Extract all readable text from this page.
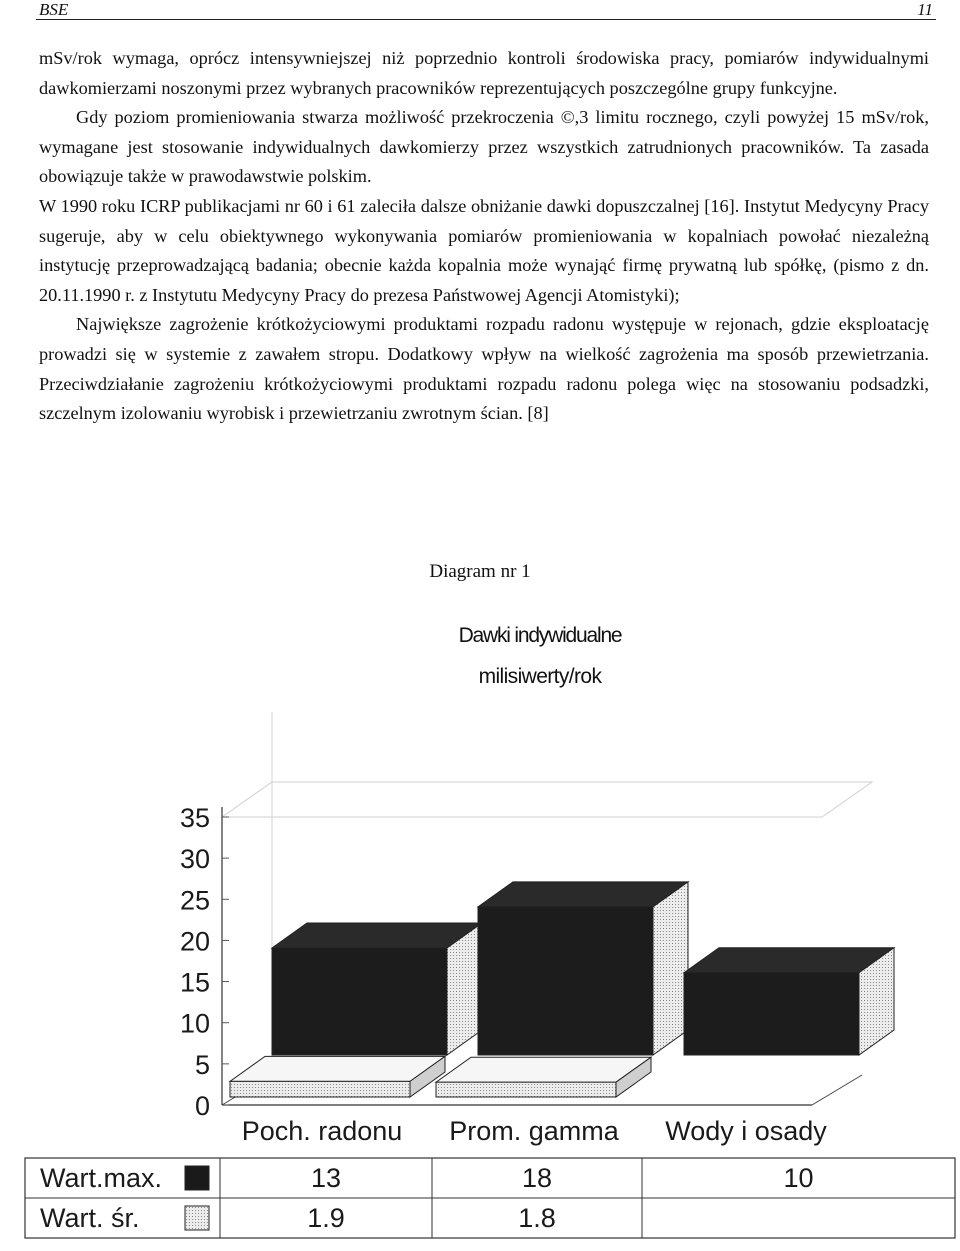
BSE	11

mSv/rok wymaga, oprócz intensywniejszej niż poprzednio kontroli środowiska pracy, pomiarów indywidualnymi dawkomierzami noszonymi przez wybranych pracowników reprezentujących poszczególne grupy funkcyjne.

Gdy poziom promieniowania stwarza możliwość przekroczenia ©,3 limitu rocznego, czyli powyżej 15 mSv/rok, wymagane jest stosowanie indywidualnych dawkomierzy przez wszystkich zatrudnionych pracowników. Ta zasada obowiązuje także w prawodawstwie polskim.

W 1990 roku ICRP publikacjami nr 60 i 61 zaleciła dalsze obniżanie dawki dopuszczalnej [16]. Instytut Medycyny Pracy sugeruje, aby w celu obiektywnego wykonywania pomiarów promieniowania w kopalniach powołać niezależną instytucję przeprowadzającą badania; obecnie każda kopalnia może wynająć firmę prywatną lub spółkę, (pismo z dn. 20.11.1990 r. z Instytutu Medycyny Pracy do prezesa Państwowej Agencji Atomistyki);

Największe zagrożenie krótkożyciowymi produktami rozpadu radonu występuje w rejonach, gdzie eksploatację prowadzi się w systemie z zawałem stropu. Dodatkowy wpływ na wielkość zagrożenia ma sposób przewietrzania. Przeciwdziałanie zagrożeniu krótkożyciowymi produktami rozpadu radonu polega więc na stosowaniu podsadzki, szczelnym izolowaniu wyrobisk i przewietrzaniu zwrotnym ścian. [8]

Diagram nr 1
Dawki indywidualne
milisiwerty/rok
0
5
10
15
20
25
30
35
Poch. radonu Prom. gamma Wody i osady
Wart.max.	13	18	10
Wart. śr.	1.9	1.8
